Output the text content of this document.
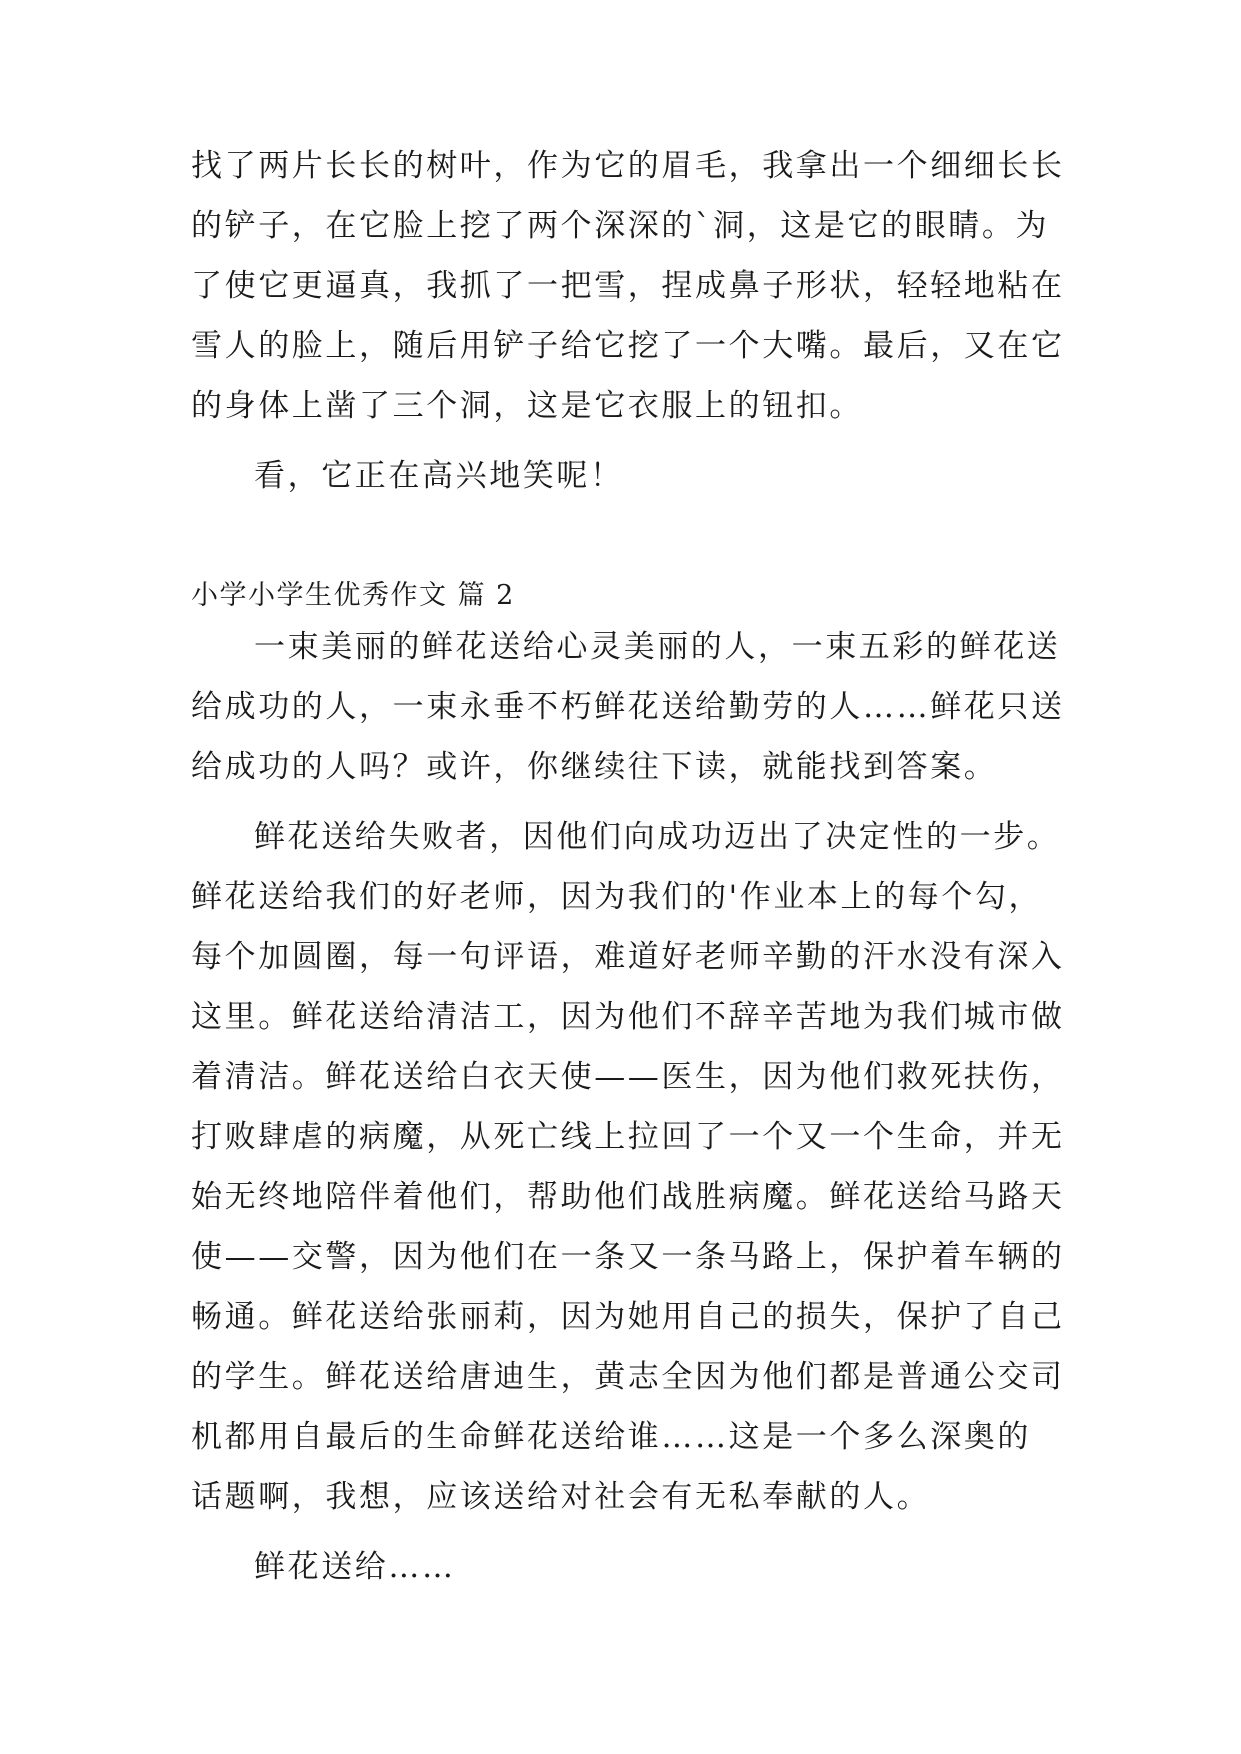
找了两片长长的树叶，作为它的眉毛，我拿出一个细细长长
的铲子，在它脸上挖了两个深深的`洞，这是它的眼睛。为
了使它更逼真，我抓了一把雪，捏成鼻子形状，轻轻地粘在
雪人的脸上，随后用铲子给它挖了一个大嘴。最后，又在它
的身体上凿了三个洞，这是它衣服上的钮扣。
看，它正在高兴地笑呢！
小学小学生优秀作文 篇 2
一束美丽的鲜花送给心灵美丽的人，一束五彩的鲜花送
给成功的人，一束永垂不朽鲜花送给勤劳的人……鲜花只送
给成功的人吗？或许，你继续往下读，就能找到答案。
鲜花送给失败者，因他们向成功迈出了决定性的一步。
鲜花送给我们的好老师，因为我们的'作业本上的每个勾，
每个加圆圈，每一句评语，难道好老师辛勤的汗水没有深入
这里。鲜花送给清洁工，因为他们不辞辛苦地为我们城市做
着清洁。鲜花送给白衣天使——医生，因为他们救死扶伤，
打败肆虐的病魔，从死亡线上拉回了一个又一个生命，并无
始无终地陪伴着他们，帮助他们战胜病魔。鲜花送给马路天
使——交警，因为他们在一条又一条马路上，保护着车辆的
畅通。鲜花送给张丽莉，因为她用自己的损失，保护了自己
的学生。鲜花送给唐迪生，黄志全因为他们都是普通公交司
机都用自最后的生命鲜花送给谁……这是一个多么深奥的
话题啊，我想，应该送给对社会有无私奉献的人。
鲜花送给……
